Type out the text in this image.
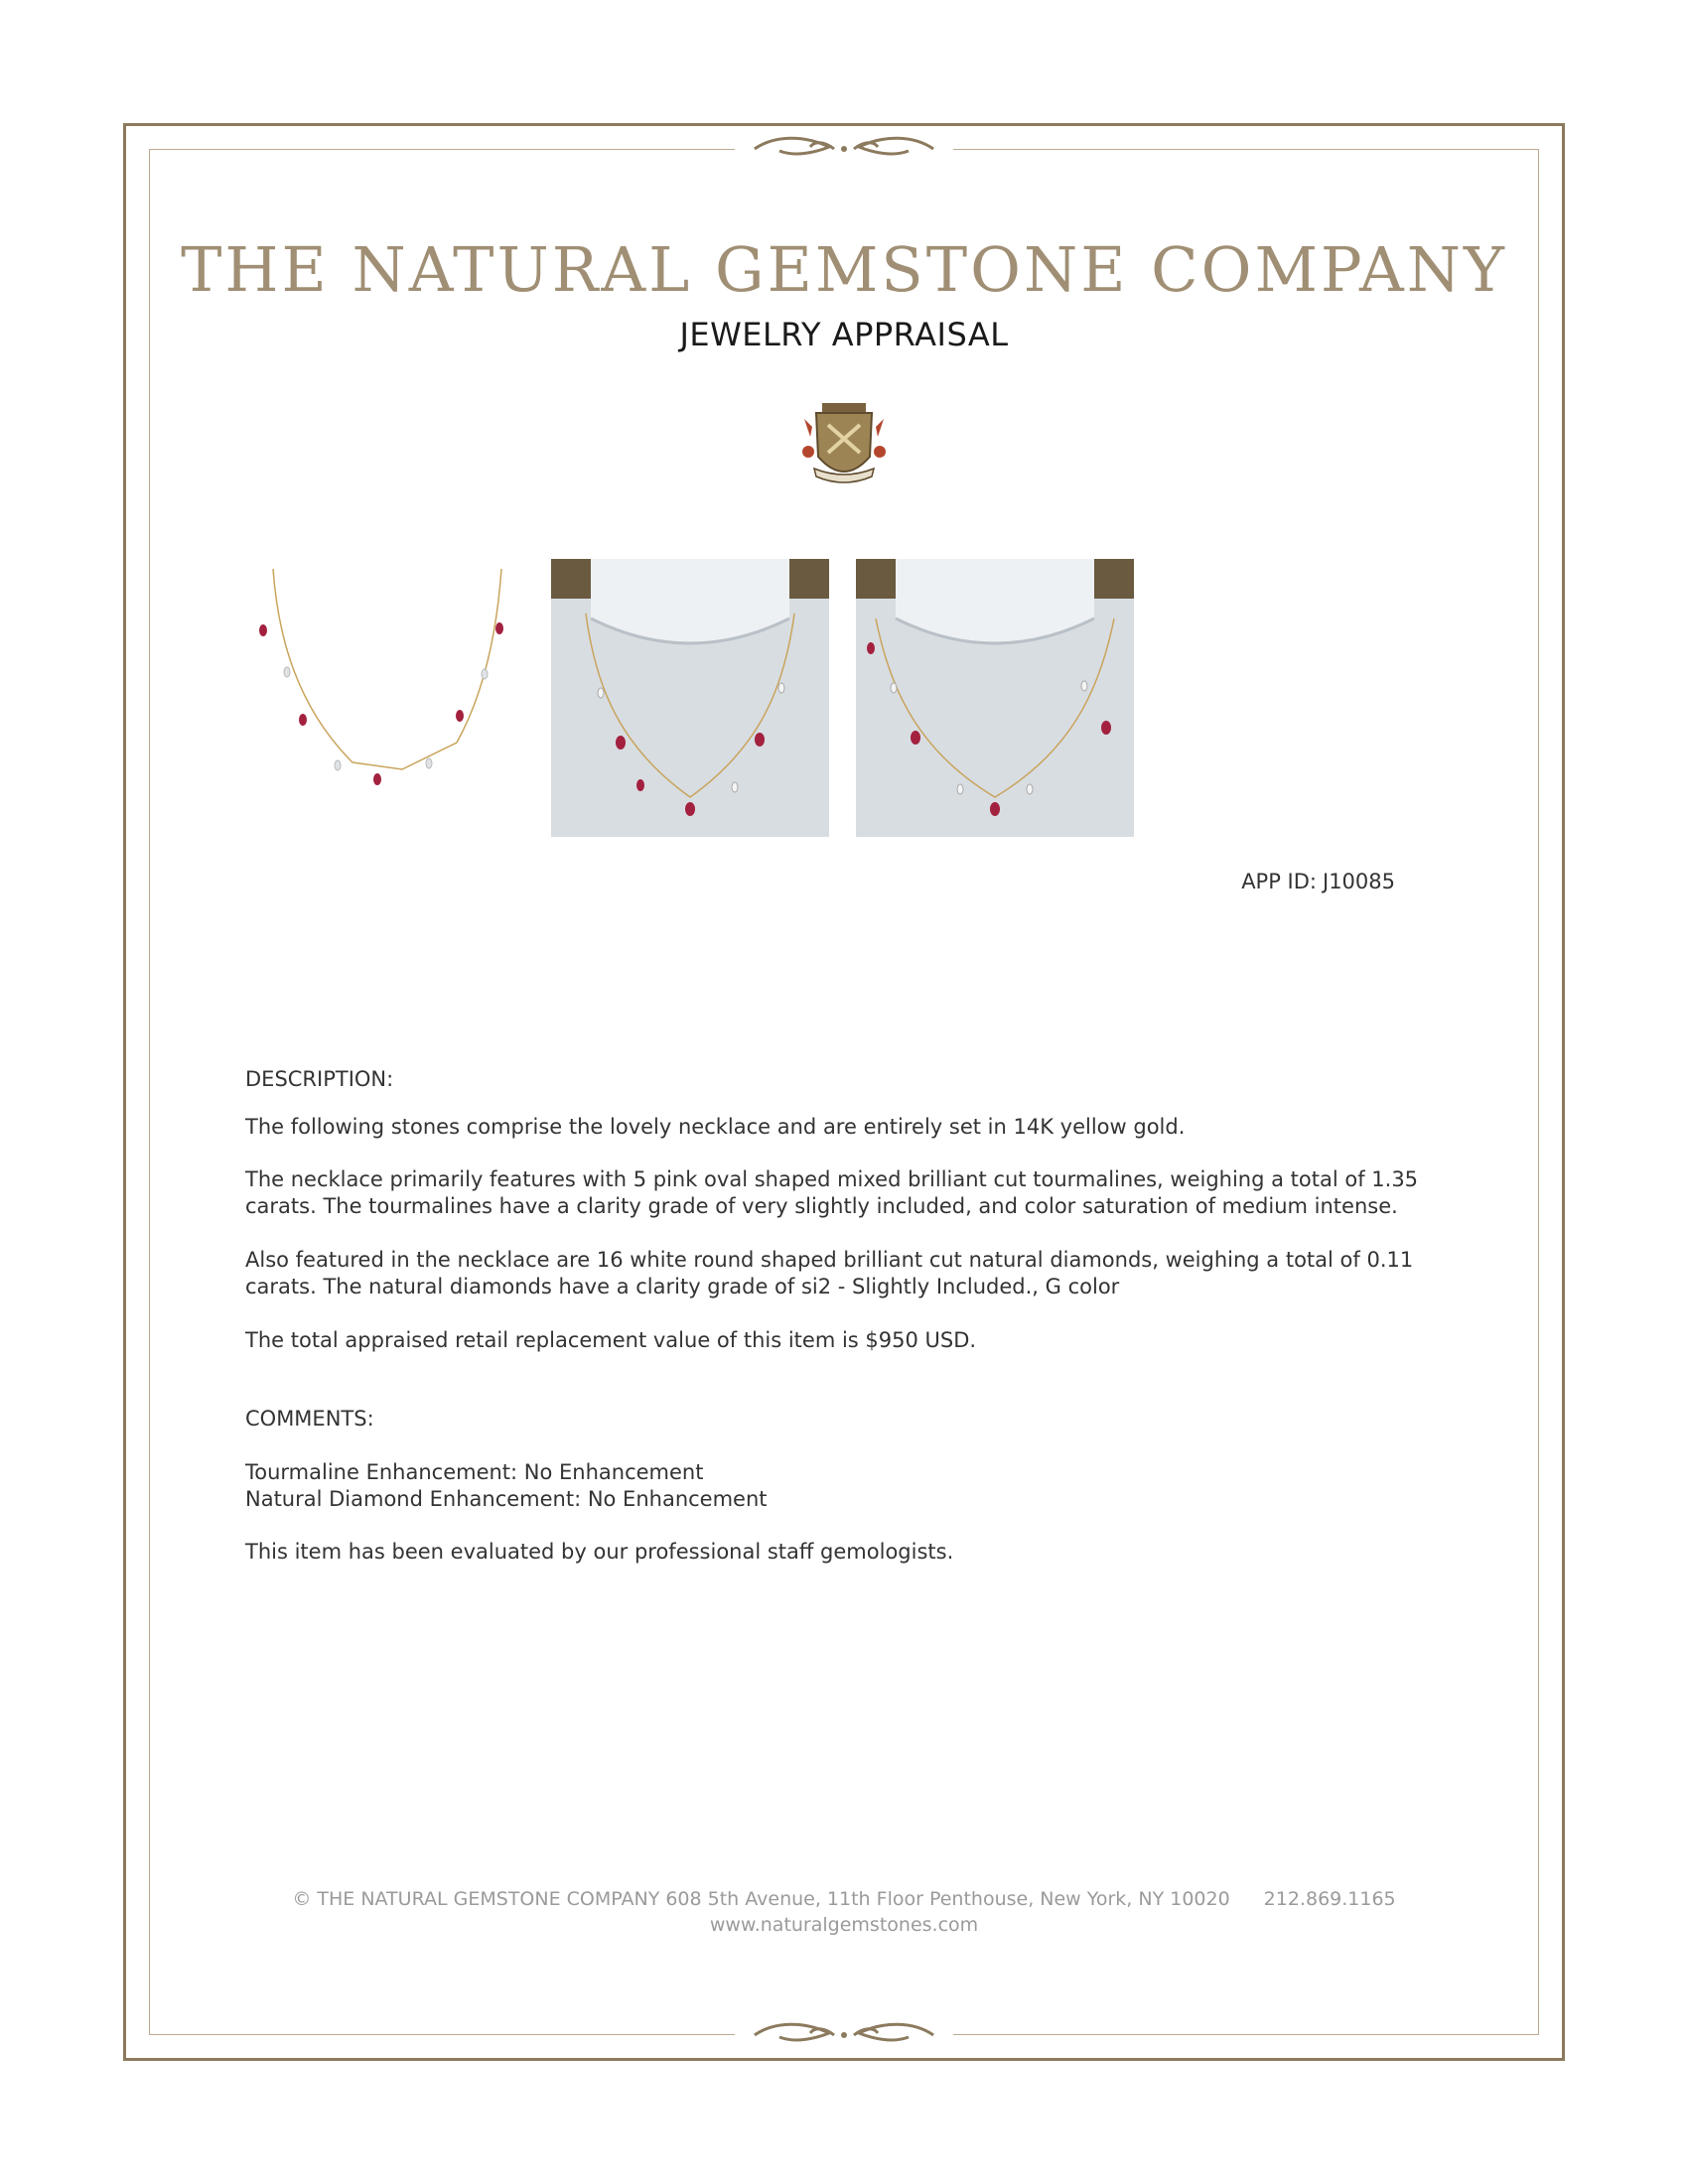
THE NATURAL GEMSTONE COMPANY
JEWELRY APPRAISAL
APP ID: J10085
DESCRIPTION:

The following stones comprise the lovely necklace and are entirely set in 14K yellow gold.

The necklace primarily features with 5 pink oval shaped mixed brilliant cut tourmalines, weighing a total of 1.35 carats. The tourmalines have a clarity grade of very slightly included, and color saturation of medium intense.

Also featured in the necklace are 16 white round shaped brilliant cut natural diamonds, weighing a total of 0.11 carats. The natural diamonds have a clarity grade of si2 - Slightly Included., G color

The total appraised retail replacement value of this item is $950 USD.

COMMENTS:

Tourmaline Enhancement: No Enhancement

Natural Diamond Enhancement: No Enhancement

This item has been evaluated by our professional staff gemologists.

© THE NATURAL GEMSTONE COMPANY 608 5th Avenue, 11th Floor Penthouse, New York, NY 10020 212.869.1165
www.naturalgemstones.com
